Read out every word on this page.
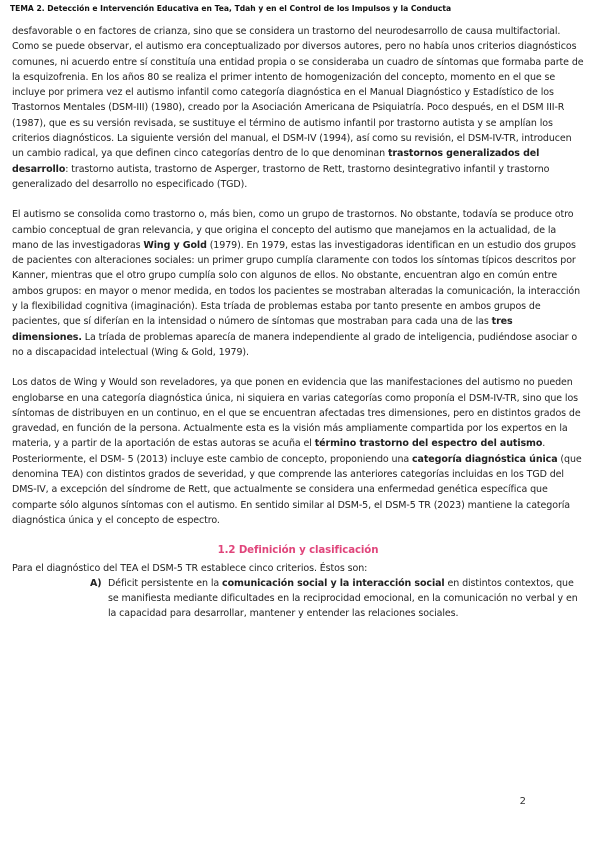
TEMA 2. Detección e Intervención Educativa en Tea, Tdah y en el Control de los Impulsos y la Conducta

desfavorable o en factores de crianza, sino que se considera un trastorno del neurodesarrollo de causa multifactorial. Como se puede observar, el autismo era conceptualizado por diversos autores, pero no había unos criterios diagnósticos comunes, ni acuerdo entre sí constituía una entidad propia o se consideraba un cuadro de síntomas que formaba parte de la esquizofrenia. En los años 80 se realiza el primer intento de homogenización del concepto, momento en el que se incluye por primera vez el autismo infantil como categoría diagnóstica en el Manual Diagnóstico y Estadístico de los Trastornos Mentales (DSM-III) (1980), creado por la Asociación Americana de Psiquiatría. Poco después, en el DSM III-R (1987), que es su versión revisada, se sustituye el término de autismo infantil por trastorno autista y se amplían los criterios diagnósticos. La siguiente versión del manual, el DSM-IV (1994), así como su revisión, el DSM-IV-TR, introducen un cambio radical, ya que definen cinco categorías dentro de lo que denominan trastornos generalizados del desarrollo: trastorno autista, trastorno de Asperger, trastorno de Rett, trastorno desintegrativo infantil y trastorno generalizado del desarrollo no especificado (TGD).

El autismo se consolida como trastorno o, más bien, como un grupo de trastornos. No obstante, todavía se produce otro cambio conceptual de gran relevancia, y que origina el concepto del autismo que manejamos en la actualidad, de la mano de las investigadoras Wing y Gold (1979). En 1979, estas las investigadoras identifican en un estudio dos grupos de pacientes con alteraciones sociales: un primer grupo cumplía claramente con todos los síntomas típicos descritos por Kanner, mientras que el otro grupo cumplía solo con algunos de ellos. No obstante, encuentran algo en común entre ambos grupos: en mayor o menor medida, en todos los pacientes se mostraban alteradas la comunicación, la interacción y la flexibilidad cognitiva (imaginación). Esta tríada de problemas estaba por tanto presente en ambos grupos de pacientes, que sí diferían en la intensidad o número de síntomas que mostraban para cada una de las tres dimensiones. La tríada de problemas aparecía de manera independiente al grado de inteligencia, pudiéndose asociar o no a discapacidad intelectual (Wing & Gold, 1979).

Los datos de Wing y Would son reveladores, ya que ponen en evidencia que las manifestaciones del autismo no pueden englobarse en una categoría diagnóstica única, ni siquiera en varias categorías como proponía el DSM-IV-TR, sino que los síntomas de distribuyen en un continuo, en el que se encuentran afectadas tres dimensiones, pero en distintos grados de gravedad, en función de la persona. Actualmente esta es la visión más ampliamente compartida por los expertos en la materia, y a partir de la aportación de estas autoras se acuña el término trastorno del espectro del autismo. Posteriormente, el DSM- 5 (2013) incluye este cambio de concepto, proponiendo una categoría diagnóstica única (que denomina TEA) con distintos grados de severidad, y que comprende las anteriores categorías incluidas en los TGD del DMS-IV, a excepción del síndrome de Rett, que actualmente se considera una enfermedad genética específica que comparte sólo algunos síntomas con el autismo. En sentido similar al DSM-5, el DSM-5 TR (2023) mantiene la categoría diagnóstica única y el concepto de espectro.

1.2 Definición y clasificación

Para el diagnóstico del TEA el DSM-5 TR establece cinco criterios. Éstos son:

A) Déficit persistente en la comunicación social y la interacción social en distintos contextos, que se manifiesta mediante dificultades en la reciprocidad emocional, en la comunicación no verbal y en la capacidad para desarrollar, mantener y entender las relaciones sociales.
2
